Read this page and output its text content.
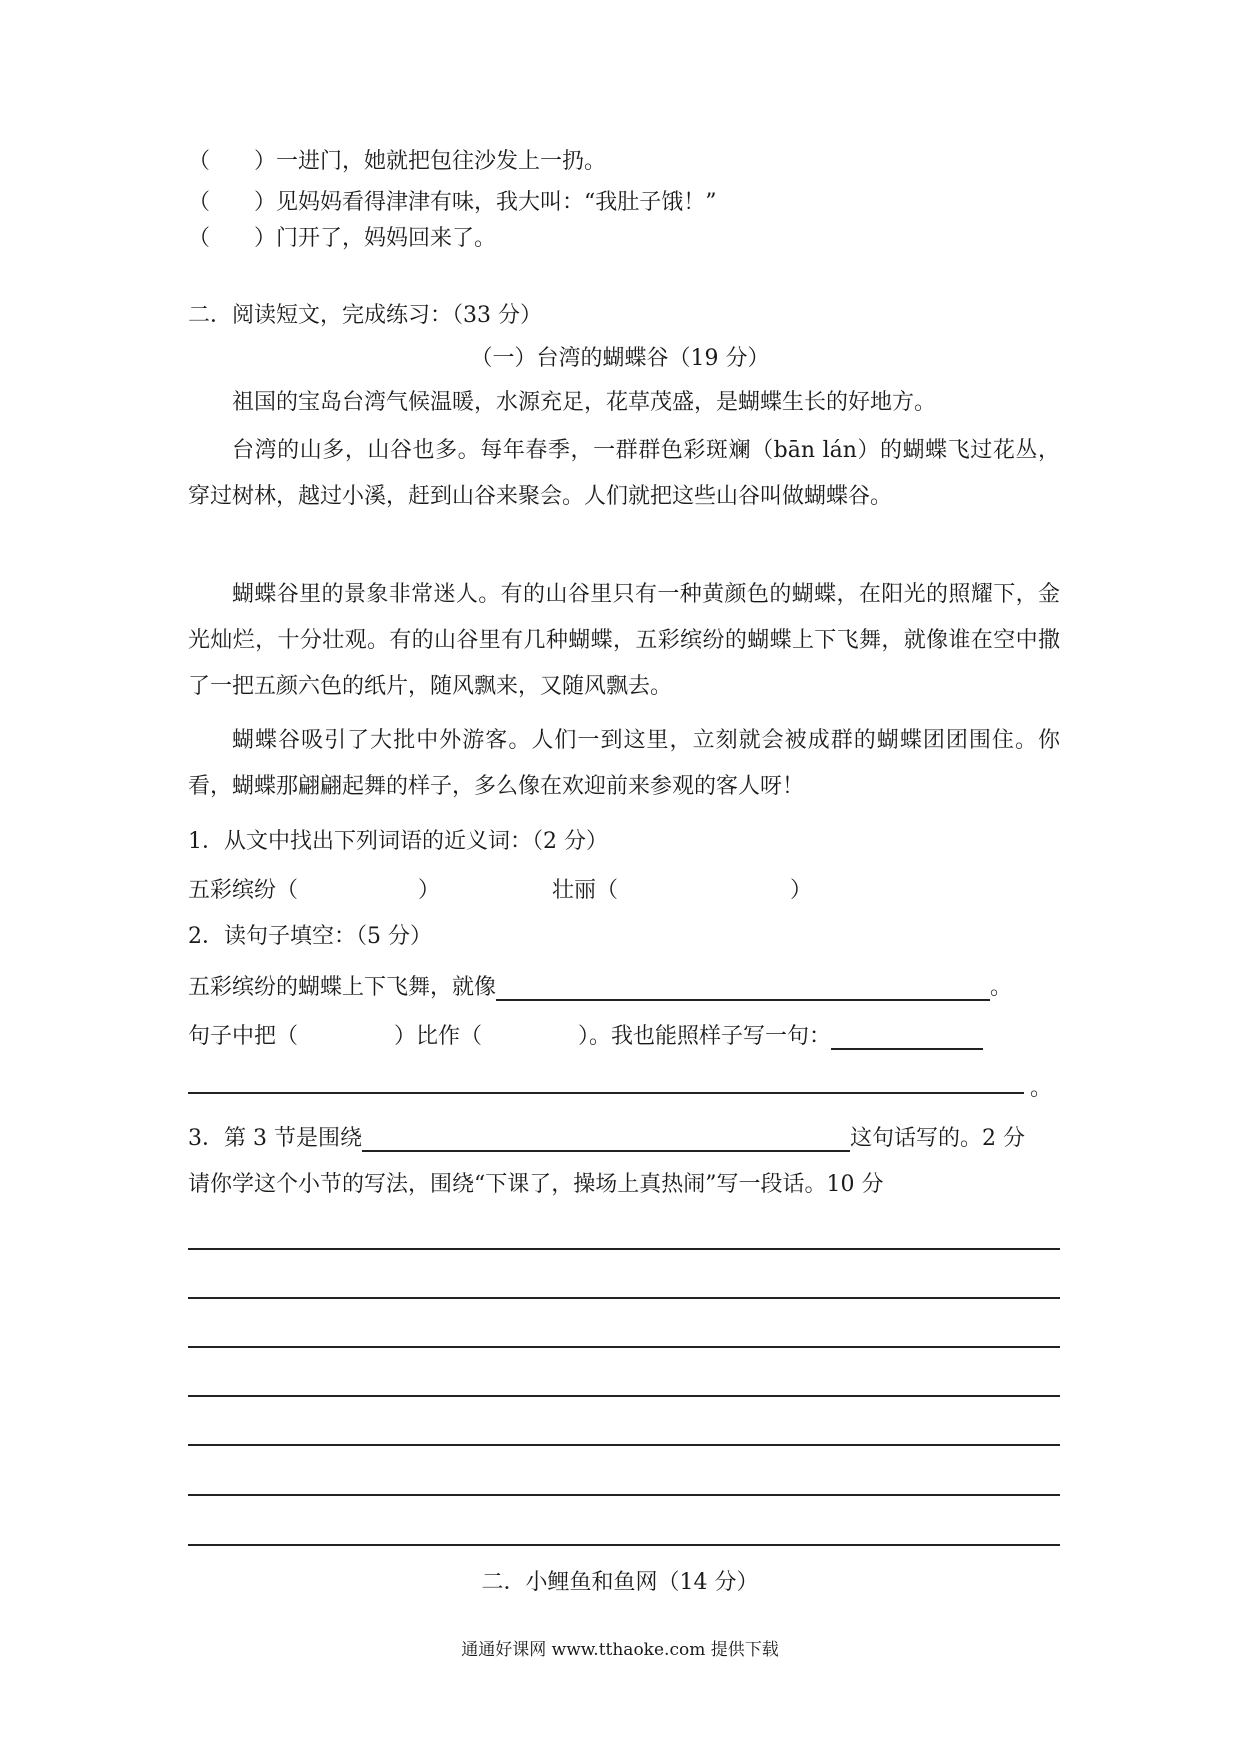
（　　）一进门，她就把包往沙发上一扔。
（　　）见妈妈看得津津有味，我大叫：“我肚子饿！”
（　　）门开了，妈妈回来了。
二．阅读短文，完成练习：（33 分）
（一）台湾的蝴蝶谷（19 分）
祖国的宝岛台湾气候温暖，水源充足，花草茂盛，是蝴蝶生长的好地方。
台湾的山多，山谷也多。每年春季，一群群色彩斑斓（bān lán）的蝴蝶飞过花丛，穿过树林，越过小溪，赶到山谷来聚会。人们就把这些山谷叫做蝴蝶谷。
蝴蝶谷里的景象非常迷人。有的山谷里只有一种黄颜色的蝴蝶，在阳光的照耀下，金光灿烂，十分壮观。有的山谷里有几种蝴蝶，五彩缤纷的蝴蝶上下飞舞，就像谁在空中撒了一把五颜六色的纸片，随风飘来，又随风飘去。
蝴蝶谷吸引了大批中外游客。人们一到这里，立刻就会被成群的蝴蝶团团围住。你看，蝴蝶那翩翩起舞的样子，多么像在欢迎前来参观的客人呀！
1．从文中找出下列词语的近义词：（2 分）
五彩缤纷（	）	壮丽（	）
2．读句子填空：（5 分）
五彩缤纷的蝴蝶上下飞舞，就像	。
句子中把（	）比作（	）。我也能照样子写一句：
。
3．第 3 节是围绕	这句话写的。2 分
请你学这个小节的写法，围绕“下课了，操场上真热闹”写一段话。10 分
二．小鲤鱼和鱼网（14 分）
通通好课网 www.tthaoke.com 提供下载
